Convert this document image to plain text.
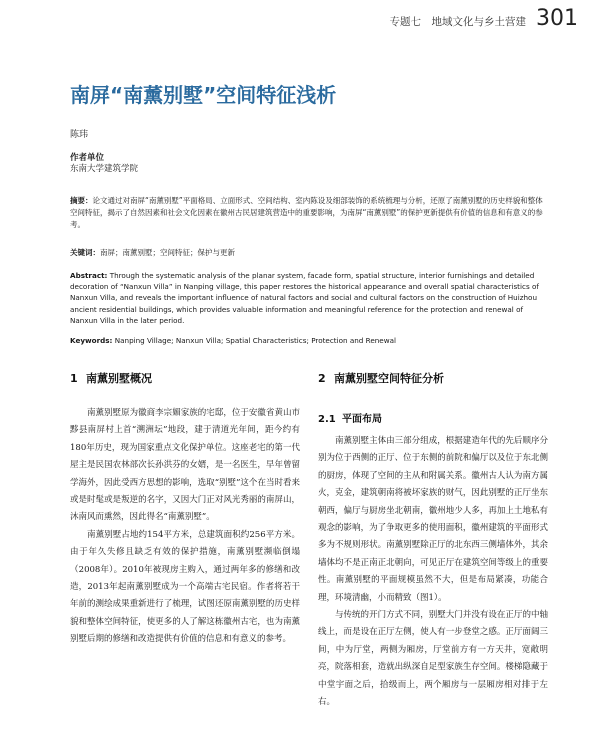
专题七　地域文化与乡土营建 301
南屏“南薰别墅”空间特征浅析
陈玮
作者单位
东南大学建筑学院

摘要：论文通过对南屏“南薰别墅”平面格局、立面形式、空间结构、室内陈设及细部装饰的系统梳理与分析，还原了南薰别墅的历史样貌和整体空间特征，揭示了自然因素和社会文化因素在徽州古民居建筑营造中的重要影响，为南屏“南薰别墅”的保护更新提供有价值的信息和有意义的参考。

关键词：南屏；南薰别墅；空间特征；保护与更新

Abstract: Through the systematic analysis of the planar system, facade form, spatial structure, interior furnishings and detailed decoration of “Nanxun Villa” in Nanping village, this paper restores the historical appearance and overall spatial characteristics of Nanxun Villa, and reveals the important influence of natural factors and social and cultural factors on the construction of Huizhou ancient residential buildings, which provides valuable information and meaningful reference for the protection and renewal of Nanxun Villa in the later period.

Keywords: Nanping Village; Nanxun Villa; Spatial Characteristics; Protection and Renewal

1 南薰别墅概况

南薰别墅原为徽商李宗媚家族的宅邸，位于安徽省黄山市黟县南屏村上首“溯洲坛”地段，建于清道光年间，距今约有180年历史，现为国家重点文化保护单位。这座老宅的第一代屋主是民国农林部次长孙洪芬的女婿，是一名医生，早年曾留学海外，因此受西方思想的影响，选取“别墅”这个在当时看来或是时髦或是叛逆的名字，又因大门正对风光秀丽的南屏山，沐南风而熏然，因此得名“南薰别墅”。

南薰别墅占地约154平方米，总建筑面积约256平方米。由于年久失修且缺乏有效的保护措施，南薰别墅濒临倒塌（2008年）。2010年被现房主购入，通过两年多的修缮和改造，2013年起南薰别墅成为一个高端古宅民宿。作者将若干年前的测绘成果重新进行了梳理，试图还原南薰别墅的历史样貌和整体空间特征，使更多的人了解这栋徽州古宅，也为南薰别墅后期的修缮和改造提供有价值的信息和有意义的参考。

2 南薰别墅空间特征分析
2.1 平面布局

南薰别墅主体由三部分组成，根据建造年代的先后顺序分别为位于西侧的正厅、位于东侧的前院和偏厅以及位于东北侧的厨房，体现了空间的主从和附属关系。徽州古人认为南方属火，克金，建筑朝南将被坏家族的财气，因此别墅的正厅坐东朝西，偏厅与厨房坐北朝南，徽州地少人多，再加上土地私有观念的影响，为了争取更多的使用面积，徽州建筑的平面形式多为不规则形状。南薰别墅除正厅的北东西三侧墙体外，其余墙体均不是正南正北朝向，可见正厅在建筑空间等级上的重要性。南薰别墅的平面规模虽然不大，但是布局紧凑，功能合理，环境清幽，小而精致（图1）。

与传统的开门方式不同，别墅大门并没有设在正厅的中轴线上，而是设在正厅左侧，使人有一步登堂之感。正厅面阔三间，中为厅堂，两侧为厢房，厅堂前方有一方天井，宽敞明亮，院落相套，造就出纵深自足型家族生存空间。楼梯隐藏于中堂宇面之后，拾级而上，两个厢房与一层厢房相对排于左右。
